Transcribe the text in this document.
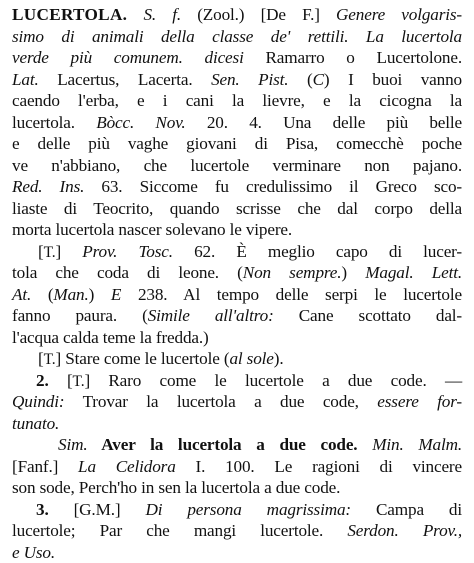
LUCERTOLA. S. f. (Zool.) [De F.] Genere volgaris-
simo di animali della classe de' rettili. La lucertola
verde più comunem. dicesi Ramarro o Lucertolone.
Lat. Lacertus, Lacerta. Sen. Pist. (C) I buoi vanno
caendo l'erba, e i cani la lievre, e la cicogna la
lucertola. Bòcc. Nov. 20. 4. Una delle più belle
e delle più vaghe giovani di Pisa, comecchè poche
ve n'abbiano, che lucertole verminare non pajano.
Red. Ins. 63. Siccome fu credulissimo il Greco sco-
liaste di Teocrito, quando scrisse che dal corpo della
morta lucertola nascer solevano le vipere.
[T.] Prov. Tosc. 62. È meglio capo di lucer-
tola che coda di leone. (Non sempre.) Magal. Lett.
At. (Man.) E 238. Al tempo delle serpi le lucertole
fanno paura. (Simile all'altro: Cane scottato dal-
l'acqua calda teme la fredda.)
[T.] Stare come le lucertole (al sole).
2. [T.] Raro come le lucertole a due code. —
Quindi: Trovar la lucertola a due code, essere for-
tunato.
Sim. Aver la lucertola a due code. Min. Malm.
[Fanf.] La Celidora I. 100. Le ragioni di vincere
son sode, Perch'ho in sen la lucertola a due code.
3. [G.M.] Di persona magrissima: Campa di
lucertole; Par che mangi lucertole. Serdon. Prov.,
e Uso.
